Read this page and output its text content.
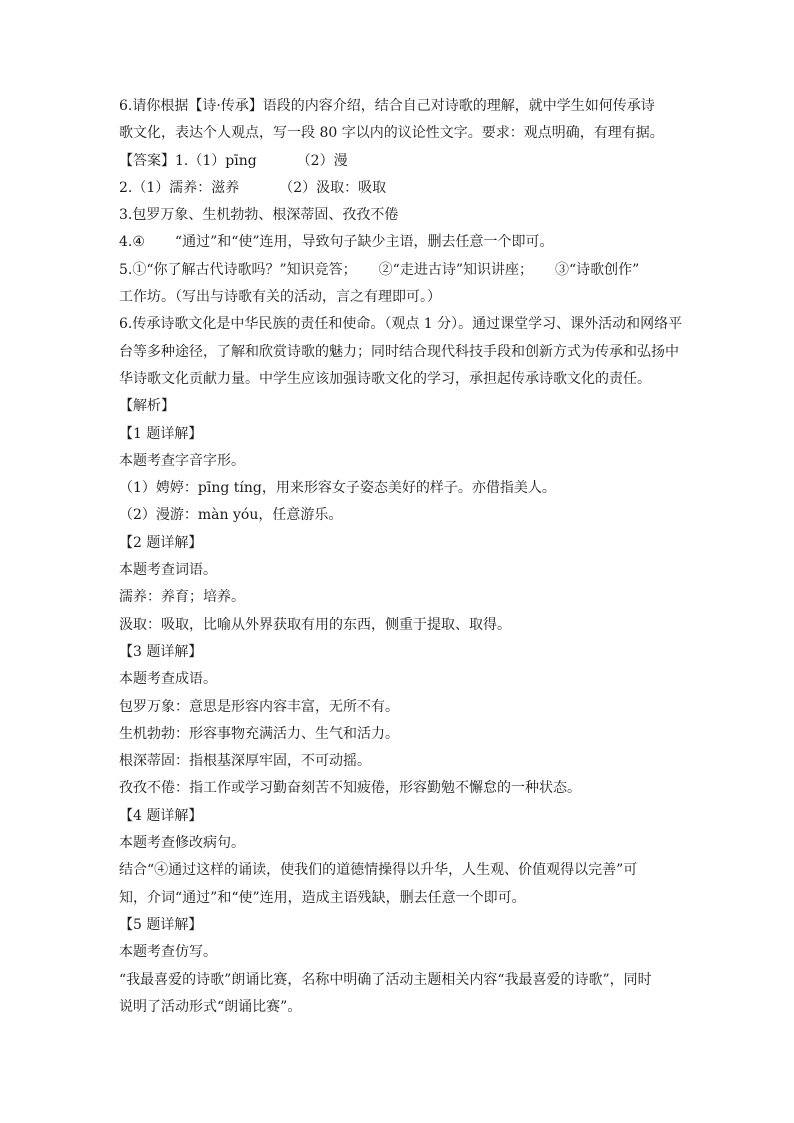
6.请你根据【诗·传承】语段的内容介绍，结合自己对诗歌的理解，就中学生如何传承诗
歌文化，表达个人观点，写一段 80 字以内的议论性文字。要求：观点明确，有理有据。
【答案】1.（1）pīng	（2）漫
2.（1）濡养：滋养	（2）汲取：吸取
3.包罗万象、生机勃勃、根深蒂固、孜孜不倦
4.④ “通过”和“使”连用，导致句子缺少主语，删去任意一个即可。
5.①“你了解古代诗歌吗？”知识竞答； ②“走进古诗”知识讲座； ③“诗歌创作”
工作坊。（写出与诗歌有关的活动，言之有理即可。）
6.传承诗歌文化是中华民族的责任和使命。（观点 1 分）。通过课堂学习、课外活动和网络平
台等多种途径，了解和欣赏诗歌的魅力；同时结合现代科技手段和创新方式为传承和弘扬中
华诗歌文化贡献力量。中学生应该加强诗歌文化的学习，承担起传承诗歌文化的责任。
【解析】
【1 题详解】
本题考查字音字形。
（1）娉婷：pīng tíng，用来形容女子姿态美好的样子。亦借指美人。
（2）漫游：màn yóu，任意游乐。
【2 题详解】
本题考查词语。
濡养：养育；培养。
汲取：吸取，比喻从外界获取有用的东西，侧重于提取、取得。
【3 题详解】
本题考查成语。
包罗万象：意思是形容内容丰富，无所不有。
生机勃勃：形容事物充满活力、生气和活力。
根深蒂固：指根基深厚牢固，不可动摇。
孜孜不倦：指工作或学习勤奋刻苦不知疲倦，形容勤勉不懈怠的一种状态。
【4 题详解】
本题考查修改病句。
结合“④通过这样的诵读，使我们的道德情操得以升华，人生观、价值观得以完善”可
知，介词“通过”和“使”连用，造成主语残缺，删去任意一个即可。
【5 题详解】
本题考查仿写。
“我最喜爱的诗歌”朗诵比赛，名称中明确了活动主题相关内容“我最喜爱的诗歌”，同时
说明了活动形式“朗诵比赛”。
